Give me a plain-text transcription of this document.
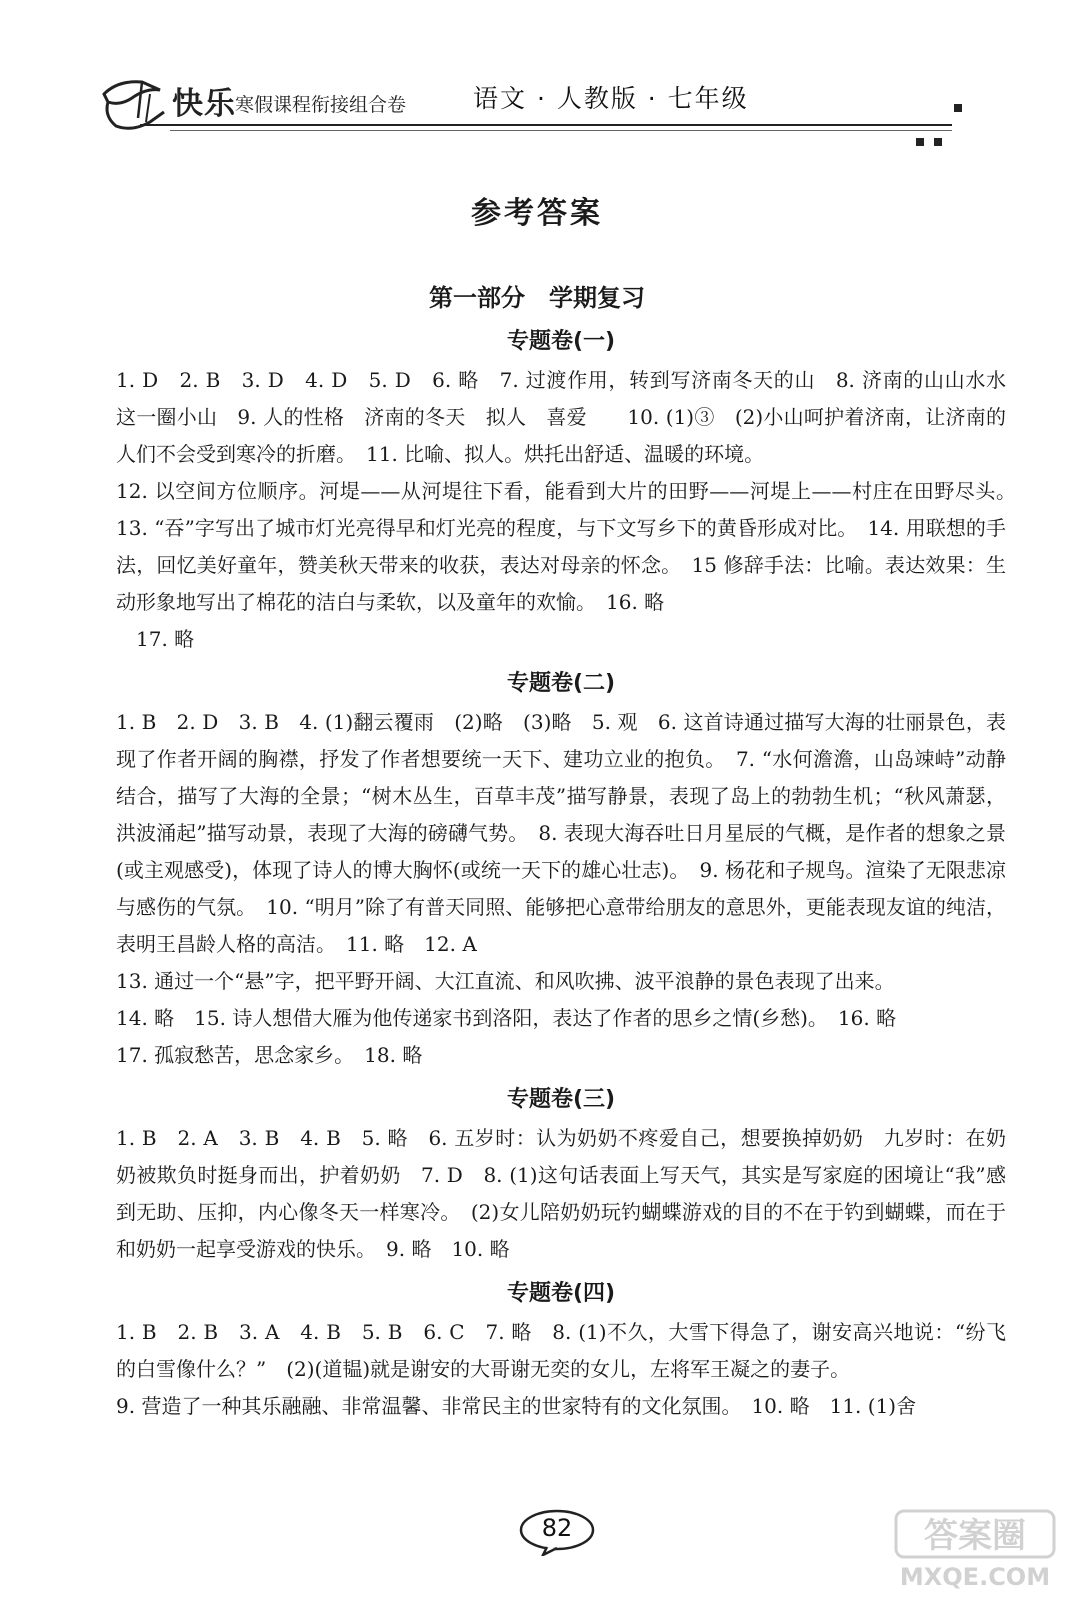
快乐 寒假课程衔接组合卷	语文 · 人教版 · 七年级
参考答案
第一部分　学期复习
专题卷(一)

1. D　2. B　3. D　4. D　5. D　6. 略　7. 过渡作用，转到写济南冬天的山　8. 济南的山山水水　这一圈小山　9. 人的性格　济南的冬天　拟人　喜爱　　10. (1)③　(2)小山呵护着济南，让济南的人们不会受到寒冷的折磨。　11. 比喻、拟人。烘托出舒适、温暖的环境。
12. 以空间方位顺序。河堤——从河堤往下看，能看到大片的田野——河堤上——村庄在田野尽头。　13. “吞”字写出了城市灯光亮得早和灯光亮的程度，与下文写乡下的黄昏形成对比。　14. 用联想的手法，回忆美好童年，赞美秋天带来的收获，表达对母亲的怀念。　15 修辞手法：比喻。表达效果：生动形象地写出了棉花的洁白与柔软，以及童年的欢愉。　16. 略
　17. 略

专题卷(二)

1. B　2. D　3. B　4. (1)翻云覆雨　(2)略　(3)略　5. 观　6. 这首诗通过描写大海的壮丽景色，表现了作者开阔的胸襟，抒发了作者想要统一天下、建功立业的抱负。　7. “水何澹澹，山岛竦峙”动静结合，描写了大海的全景；“树木丛生，百草丰茂”描写静景，表现了岛上的勃勃生机；“秋风萧瑟，洪波涌起”描写动景，表现了大海的磅礴气势。　8. 表现大海吞吐日月星辰的气概，是作者的想象之景(或主观感受)，体现了诗人的博大胸怀(或统一天下的雄心壮志)。　9. 杨花和子规鸟。渲染了无限悲凉与感伤的气氛。　10. “明月”除了有普天同照、能够把心意带给朋友的意思外，更能表现友谊的纯洁，表明王昌龄人格的高洁。　11. 略　12. A
13. 通过一个“悬”字，把平野开阔、大江直流、和风吹拂、波平浪静的景色表现了出来。
14. 略　15. 诗人想借大雁为他传递家书到洛阳，表达了作者的思乡之情(乡愁)。　16. 略
17. 孤寂愁苦，思念家乡。　18. 略

专题卷(三)

1. B　2. A　3. B　4. B　5. 略　6. 五岁时：认为奶奶不疼爱自己，想要换掉奶奶　九岁时：在奶奶被欺负时挺身而出，护着奶奶　7. D　8. (1)这句话表面上写天气，其实是写家庭的困境让“我”感到无助、压抑，内心像冬天一样寒冷。　(2)女儿陪奶奶玩钓蝴蝶游戏的目的不在于钓到蝴蝶，而在于和奶奶一起享受游戏的快乐。　9. 略　10. 略

专题卷(四)

1. B　2. B　3. A　4. B　5. B　6. C　7. 略　8. (1)不久，大雪下得急了，谢安高兴地说：“纷飞的白雪像什么？”　(2)(道韫)就是谢安的大哥谢无奕的女儿，左将军王凝之的妻子。
9. 营造了一种其乐融融、非常温馨、非常民主的世家特有的文化氛围。　10. 略　11. (1)舍

82	答案圈
MXQE.COM
